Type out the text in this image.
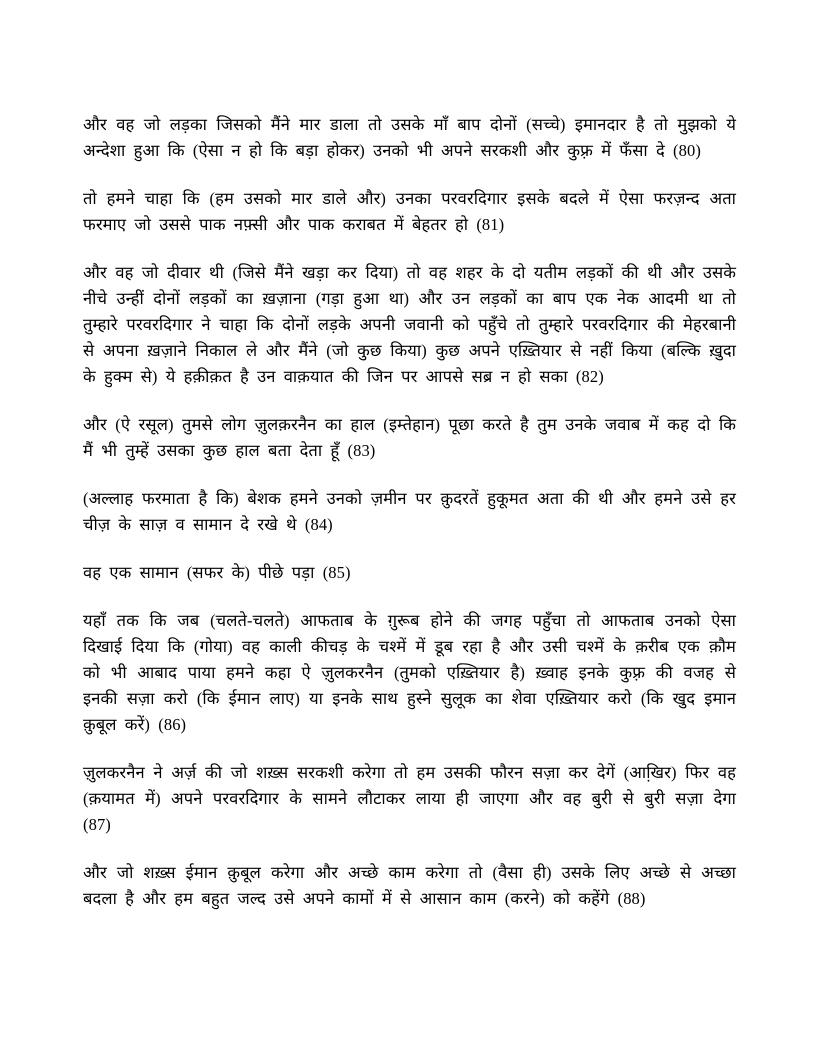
और वह जो लड़का जिसको मैंने मार डाला तो उसके माँ बाप दोनों (सच्चे) इमानदार है तो मुझको ये अन्देशा हुआ कि (ऐसा न हो कि बड़ा होकर) उनको भी अपने सरकशी और कुफ़्र में फँसा दे (80)

तो हमने चाहा कि (हम उसको मार डाले और) उनका परवरदिगार इसके बदले में ऐसा फरज़न्द अता फरमाए जो उससे पाक नफ़्सी और पाक कराबत में बेहतर हो (81)

और वह जो दीवार थी (जिसे मैंने खड़ा कर दिया) तो वह शहर के दो यतीम लड़कों की थी और उसके नीचे उन्हीं दोनों लड़कों का ख़ज़ाना (गड़ा हुआ था) और उन लड़कों का बाप एक नेक आदमी था तो तुम्हारे परवरदिगार ने चाहा कि दोनों लड़के अपनी जवानी को पहुँचे तो तुम्हारे परवरदिगार की मेहरबानी से अपना ख़ज़ाने निकाल ले और मैंने (जो कुछ किया) कुछ अपने एख़्तियार से नहीं किया (बल्कि ख़ुदा के हुक्म से) ये हक़ीक़त है उन वाक़यात की जिन पर आपसे सब्र न हो सका (82)

और (ऐ रसूल) तुमसे लोग ज़ुलक़रनैन का हाल (इम्तेहान) पूछा करते है तुम उनके जवाब में कह दो कि मैं भी तुम्हें उसका कुछ हाल बता देता हूँ (83)

(अल्लाह फरमाता है कि) बेशक हमने उनको ज़मीन पर क़ुदरतें हुकूमत अता की थी और हमने उसे हर चीज़ के साज़ व सामान दे रखे थे (84)

वह एक सामान (सफर के) पीछे पड़ा (85)

यहाँ तक कि जब (चलते-चलते) आफताब के ग़ुरूब होने की जगह पहुँचा तो आफताब उनको ऐसा दिखाई दिया कि (गोया) वह काली कीचड़ के चश्में में डूब रहा है और उसी चश्में के क़रीब एक क़ौम को भी आबाद पाया हमने कहा ऐ ज़ुलकरनैन (तुमको एख़्तियार है) ख़्वाह इनके कुफ़्र की वजह से इनकी सज़ा करो (कि ईमान लाए) या इनके साथ हुस्ने सुलूक का शेवा एख़्तियार करो (कि खुद इमान क़ुबूल करें) (86)

ज़ुलकरनैन ने अर्ज़ की जो शख़्स सरकशी करेगा तो हम उसकी फौरन सज़ा कर देगें (आखि़र) फिर वह (क़यामत में) अपने परवरदिगार के सामने लौटाकर लाया ही जाएगा और वह बुरी से बुरी सज़ा देगा (87)

और जो शख़्स ईमान क़ुबूल करेगा और अच्छे काम करेगा तो (वैसा ही) उसके लिए अच्छे से अच्छा बदला है और हम बहुत जल्द उसे अपने कामों में से आसान काम (करने) को कहेंगे (88)
